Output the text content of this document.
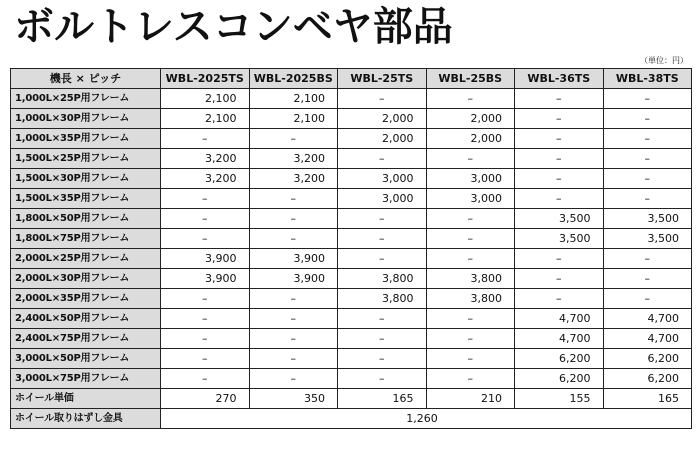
ボルトレスコンベヤ部品
（単位：円）
機長 × ピッチ	WBL-2025TS	WBL-2025BS	WBL-25TS	WBL-25BS	WBL-36TS	WBL-38TS
1,000L×25P用フレーム	2,100	2,100	–	–	–	–
1,000L×30P用フレーム	2,100	2,100	2,000	2,000	–	–
1,000L×35P用フレーム	–	–	2,000	2,000	–	–
1,500L×25P用フレーム	3,200	3,200	–	–	–	–
1,500L×30P用フレーム	3,200	3,200	3,000	3,000	–	–
1,500L×35P用フレーム	–	–	3,000	3,000	–	–
1,800L×50P用フレーム	–	–	–	–	3,500	3,500
1,800L×75P用フレーム	–	–	–	–	3,500	3,500
2,000L×25P用フレーム	3,900	3,900	–	–	–	–
2,000L×30P用フレーム	3,900	3,900	3,800	3,800	–	–
2,000L×35P用フレーム	–	–	3,800	3,800	–	–
2,400L×50P用フレーム	–	–	–	–	4,700	4,700
2,400L×75P用フレーム	–	–	–	–	4,700	4,700
3,000L×50P用フレーム	–	–	–	–	6,200	6,200
3,000L×75P用フレーム	–	–	–	–	6,200	6,200
ホイール単価	270	350	165	210	155	165
ホイール取りはずし金具	1,260					
